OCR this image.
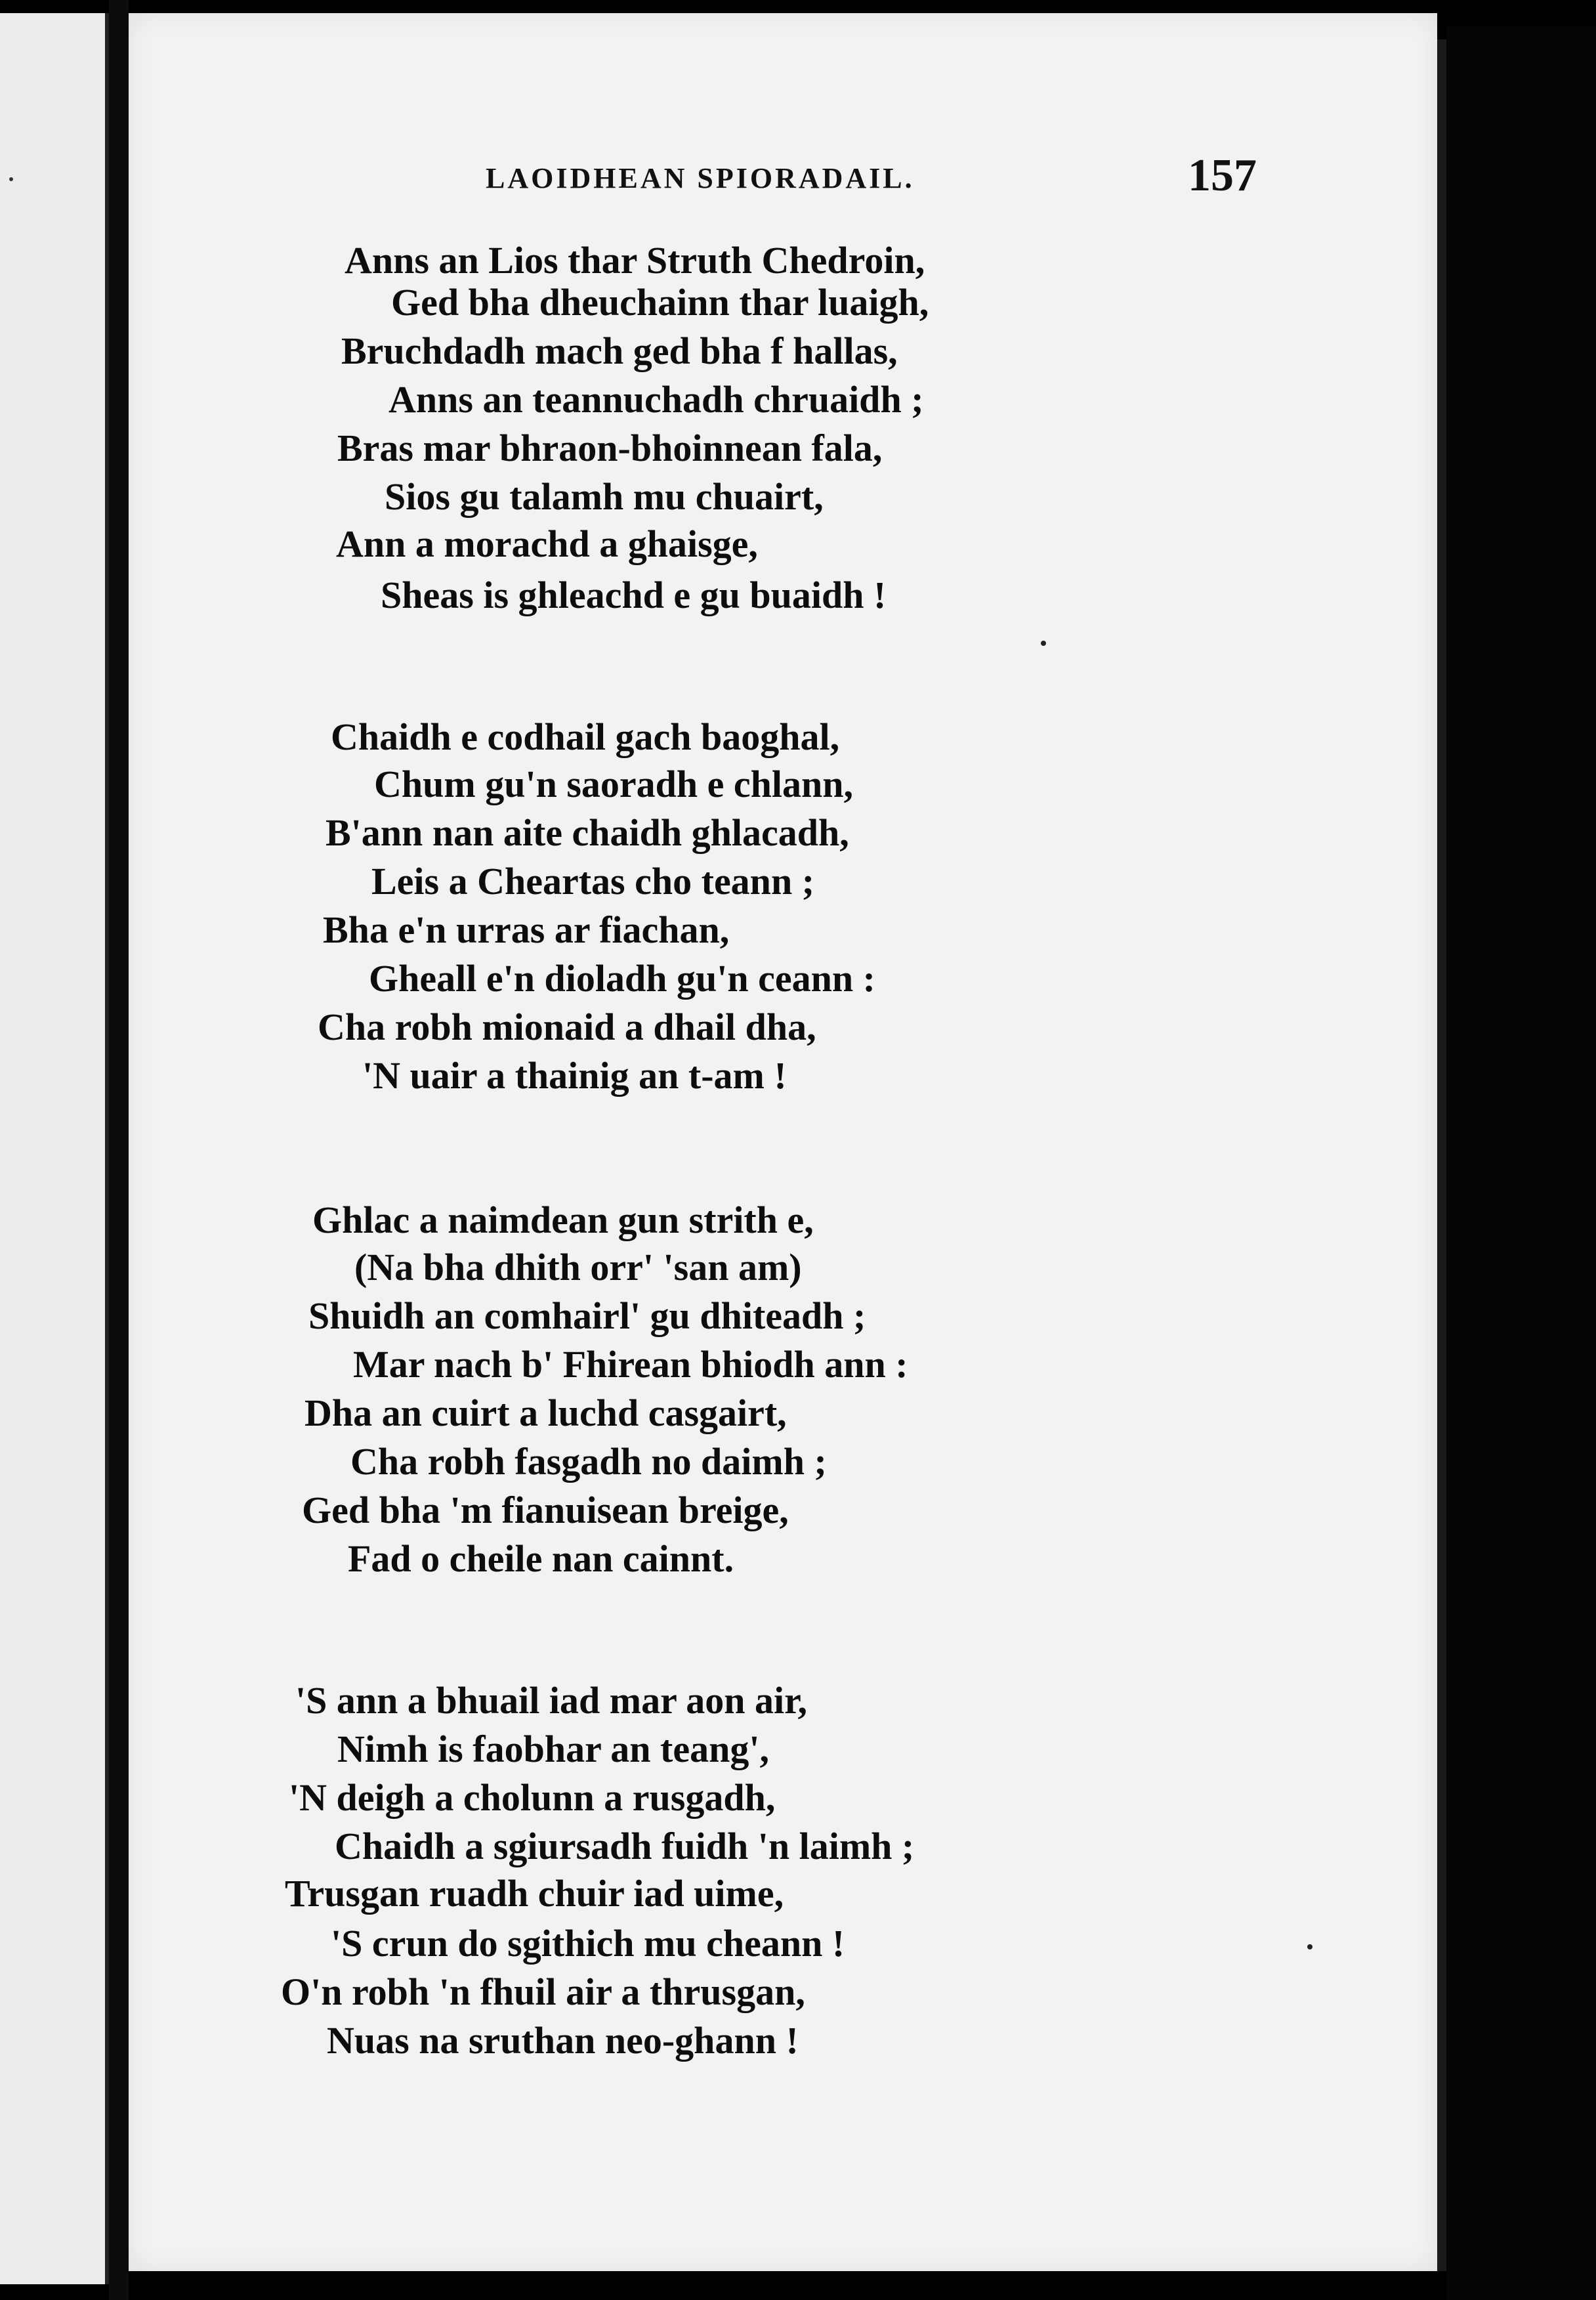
LAOIDHEAN SPIORADAIL.	157
Anns an Lios thar Struth Chedroin,
Ged bha dheuchainn thar luaigh,
Bruchdadh mach ged bha f hallas,
Anns an teannuchadh chruaidh ;
Bras mar bhraon-bhoinnean fala,
Sios gu talamh mu chuairt,
Ann a morachd a ghaisge,
Sheas is ghleachd e gu buaidh !
Chaidh e codhail gach baoghal,
Chum gu'n saoradh e chlann,
B'ann nan aite chaidh ghlacadh,
Leis a Cheartas cho teann ;
Bha e'n urras ar fiachan,
Gheall e'n dioladh gu'n ceann :
Cha robh mionaid a dhail dha,
'N uair a thainig an t-am !
Ghlac a naimdean gun strith e,
(Na bha dhith orr' 'san am)
Shuidh an comhairl' gu dhiteadh ;
Mar nach b' Fhirean bhiodh ann :
Dha an cuirt a luchd casgairt,
Cha robh fasgadh no daimh ;
Ged bha 'm fianuisean breige,
Fad o cheile nan cainnt.
'S ann a bhuail iad mar aon air,
Nimh is faobhar an teang',
'N deigh a cholunn a rusgadh,
Chaidh a sgiursadh fuidh 'n laimh ;
Trusgan ruadh chuir iad uime,
'S crun do sgithich mu cheann !
O'n robh 'n fhuil air a thrusgan,
Nuas na sruthan neo-ghann !
